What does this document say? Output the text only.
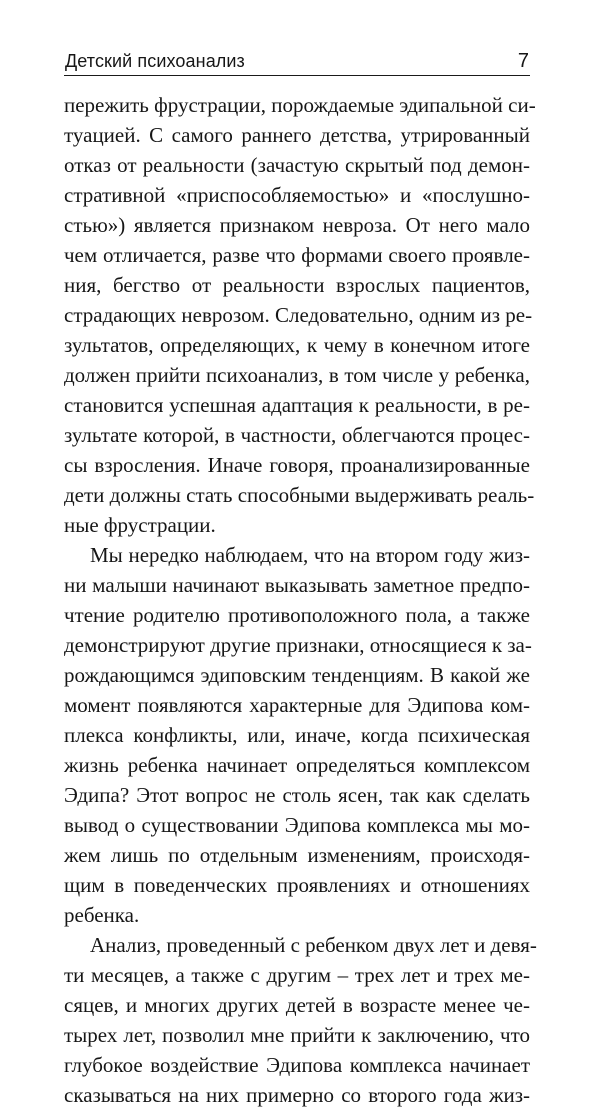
Детский психоанализ	7

пережить фрустрации, порождаемые эдипальной си-
туацией. С самого раннего детства, утрированный
отказ от реальности (зачастую скрытый под демон-
стративной «приспособляемостью» и «послушно-
стью») является признаком невроза. От него мало
чем отличается, разве что формами своего проявле-
ния, бегство от реальности взрослых пациентов,
страдающих неврозом. Следовательно, одним из ре-
зультатов, определяющих, к чему в конечном итоге
должен прийти психоанализ, в том числе у ребенка,
становится успешная адаптация к реальности, в ре-
зультате которой, в частности, облегчаются процес-
сы взросления. Иначе говоря, проанализированные
дети должны стать способными выдерживать реаль-
ные фрустрации.

Мы нередко наблюдаем, что на втором году жиз-
ни малыши начинают выказывать заметное предпо-
чтение родителю противоположного пола, а также
демонстрируют другие признаки, относящиеся к за-
рождающимся эдиповским тенденциям. В какой же
момент появляются характерные для Эдипова ком-
плекса конфликты, или, иначе, когда психическая
жизнь ребенка начинает определяться комплексом
Эдипа? Этот вопрос не столь ясен, так как сделать
вывод о существовании Эдипова комплекса мы мо-
жем лишь по отдельным изменениям, происходя-
щим в поведенческих проявлениях и отношениях
ребенка.

Анализ, проведенный с ребенком двух лет и девя-
ти месяцев, а также с другим – трех лет и трех ме-
сяцев, и многих других детей в возрасте менее че-
тырех лет, позволил мне прийти к заключению, что
глубокое воздействие Эдипова комплекса начинает
сказываться на них примерно со второго года жиз-
